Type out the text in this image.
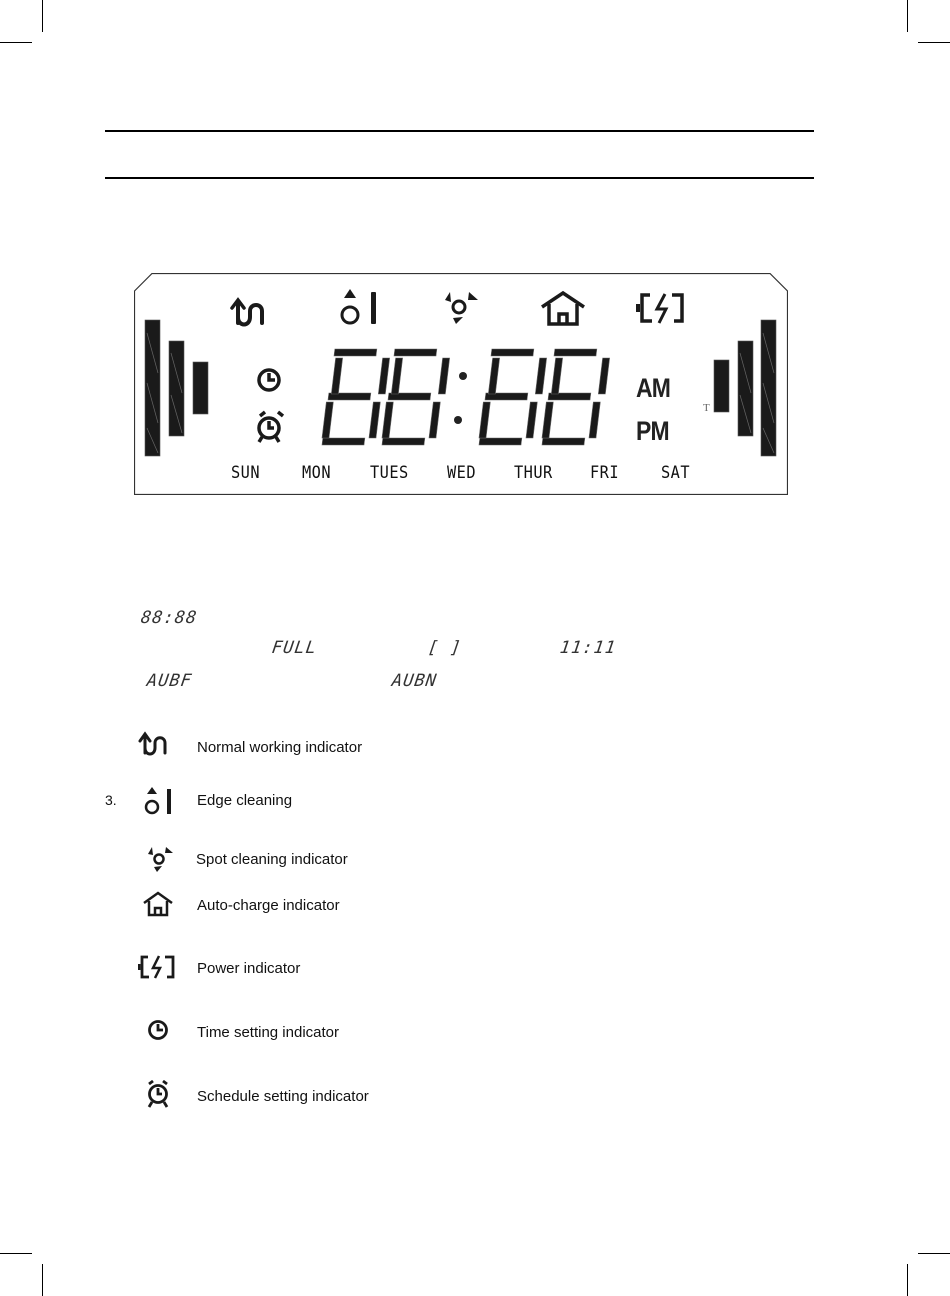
SUN MON TUES WED THUR FRI SAT
AM
PM
T
88:88
FULL	[ ]	11:11
AUBF	AUBN
3.
Normal working indicator
Edge cleaning
Spot cleaning indicator
Auto-charge indicator
Power indicator
Time setting indicator
Schedule setting indicator
